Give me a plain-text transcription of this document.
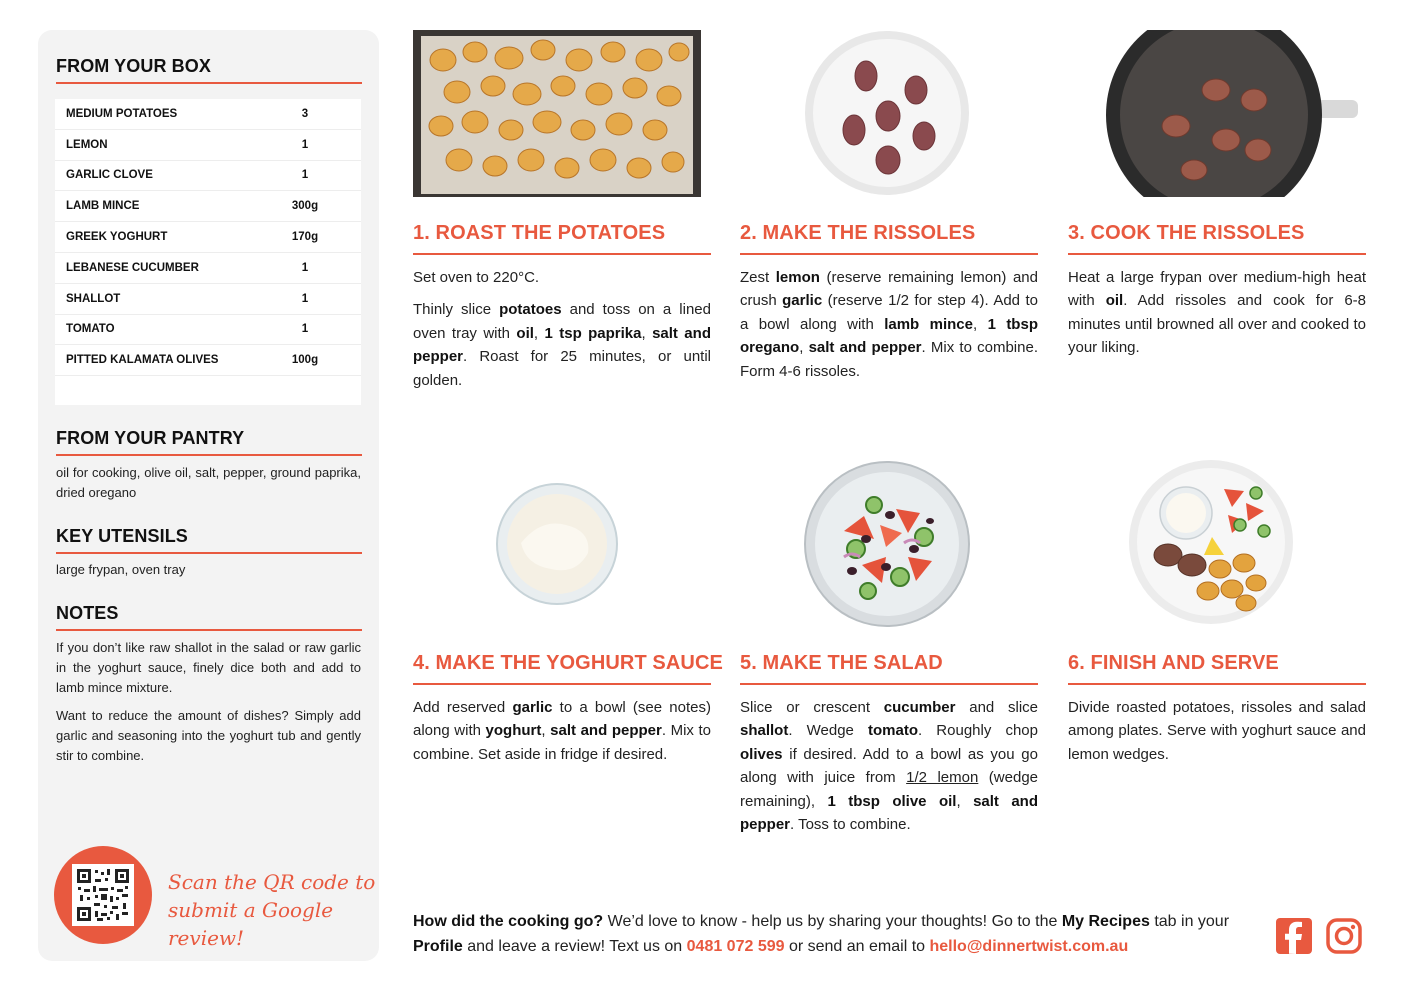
FROM YOUR BOX
MEDIUM POTATOES	3
LEMON	1
GARLIC CLOVE	1
LAMB MINCE	300g
GREEK YOGHURT	170g
LEBANESE CUCUMBER	1
SHALLOT	1
TOMATO	1
PITTED KALAMATA OLIVES	100g
FROM YOUR PANTRY
oil for cooking, olive oil, salt, pepper, ground paprika, dried oregano
KEY UTENSILS
large frypan, oven tray
NOTES
If you don’t like raw shallot in the salad or raw garlic in the yoghurt sauce, finely dice both and add to lamb mince mixture.
Want to reduce the amount of dishes? Simply add garlic and seasoning into the yoghurt tub and gently stir to combine.
Scan the QR code to
submit a Google review!
1. ROAST THE POTATOES

Set oven to 220°C.

Thinly slice potatoes and toss on a lined oven tray with oil, 1 tsp paprika, salt and pepper. Roast for 25 minutes, or until golden.

2. MAKE THE RISSOLES

Zest lemon (reserve remaining lemon) and crush garlic (reserve 1/2 for step 4). Add to a bowl along with lamb mince, 1 tbsp oregano, salt and pepper. Mix to combine. Form 4-6 rissoles.

3. COOK THE RISSOLES

Heat a large frypan over medium-high heat with oil. Add rissoles and cook for 6-8 minutes until browned all over and cooked to your liking.

4. MAKE THE YOGHURT SAUCE

Add reserved garlic to a bowl (see notes) along with yoghurt, salt and pepper. Mix to combine. Set aside in fridge if desired.

5. MAKE THE SALAD

Slice or crescent cucumber and slice shallot. Wedge tomato. Roughly chop olives if desired. Add to a bowl as you go along with juice from 1/2 lemon (wedge remaining), 1 tbsp olive oil, salt and pepper. Toss to combine.

6. FINISH AND SERVE

Divide roasted potatoes, rissoles and salad among plates. Serve with yoghurt sauce and lemon wedges.

How did the cooking go? We’d love to know - help us by sharing your thoughts! Go to the My Recipes tab in your Profile and leave a review! Text us on 0481 072 599 or send an email to hello@dinnertwist.com.au
